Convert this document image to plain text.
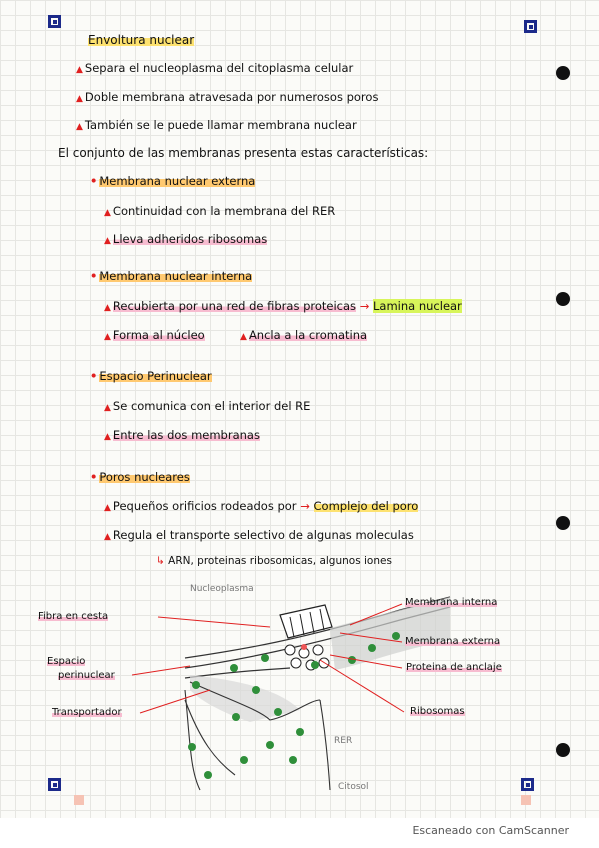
Envoltura nuclear
▲ Separa el nucleoplasma del citoplasma celular
▲ Doble membrana atravesada por numerosos poros
▲ También se le puede llamar membrana nuclear
El conjunto de las membranas presenta estas características:
• Membrana nuclear externa
▲ Continuidad con la membrana del RER
▲ Lleva adheridos ribosomas
• Membrana nuclear interna
▲ Recubierta por una red de fibras proteicas → Lamina nuclear
▲ Forma al núcleo	▲ Ancla a la cromatina
• Espacio Perinuclear
▲ Se comunica con el interior del RE
▲ Entre las dos membranas
• Poros nucleares
▲ Pequeños orificios rodeados por → Complejo del poro
▲ Regula el transporte selectivo de algunas moleculas
↳ ARN, proteinas ribosomicas, algunos iones
Nucleoplasma
RER
Citosol
Fibra en cesta
Espacio
perinuclear
Transportador
Membrana interna
Membrana externa
Proteina de anclaje
Ribosomas
Escaneado con CamScanner
